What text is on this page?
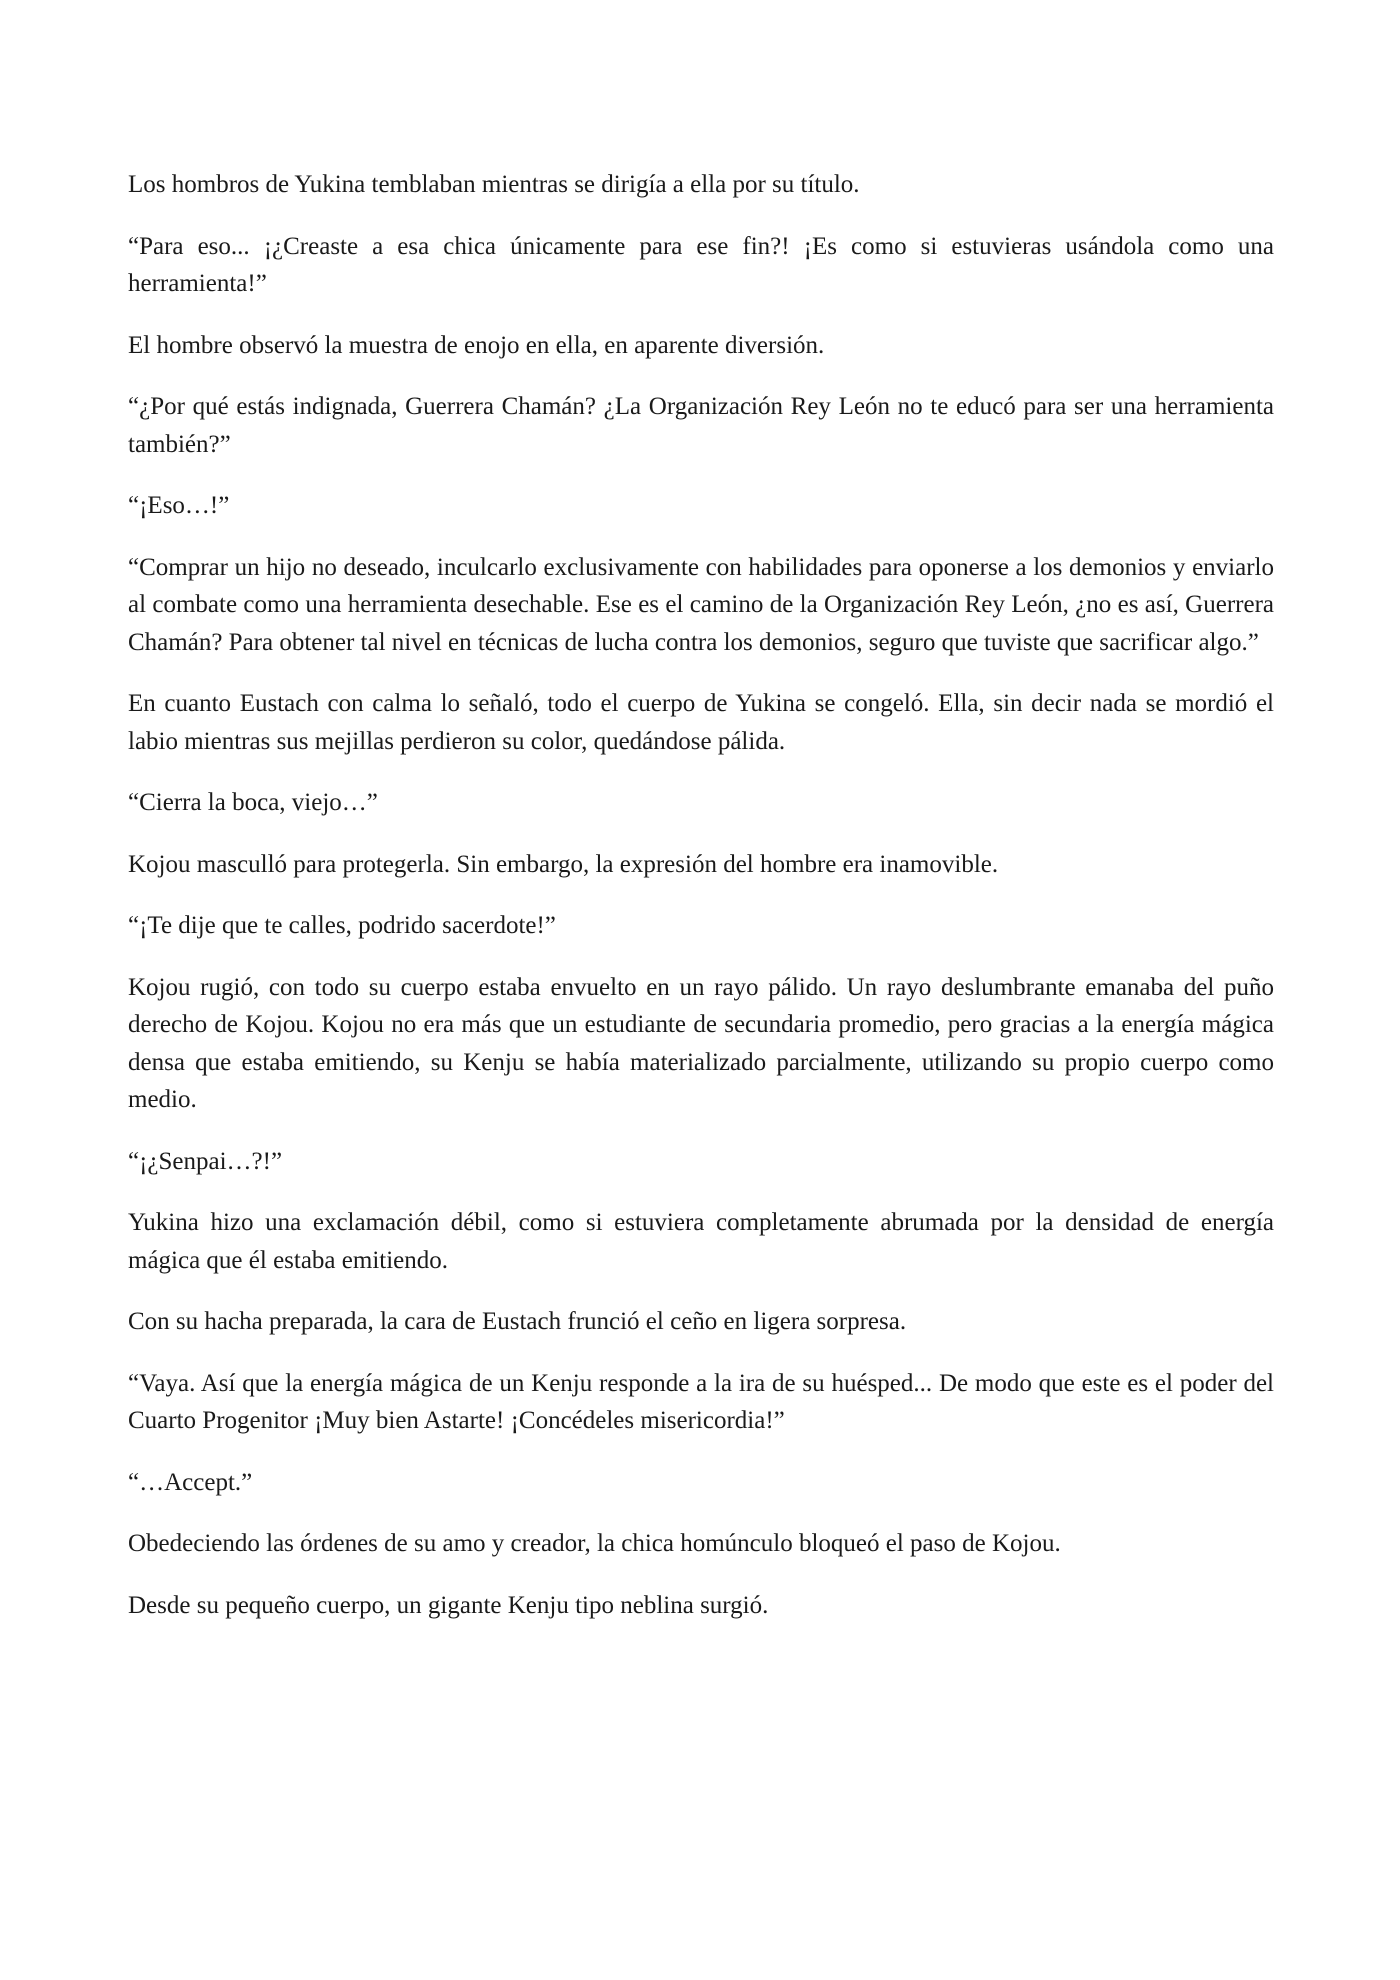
Los hombros de Yukina temblaban mientras se dirigía a ella por su título.

“Para eso... ¡¿Creaste a esa chica únicamente para ese fin?! ¡Es como si estuvieras usándola como una herramienta!”

El hombre observó la muestra de enojo en ella, en aparente diversión.

“¿Por qué estás indignada, Guerrera Chamán? ¿La Organización Rey León no te educó para ser una herramienta también?”

“¡Eso…!”

“Comprar un hijo no deseado, inculcarlo exclusivamente con habilidades para oponerse a los demonios y enviarlo al combate como una herramienta desechable. Ese es el camino de la Organización Rey León, ¿no es así, Guerrera Chamán? Para obtener tal nivel en técnicas de lucha contra los demonios, seguro que tuviste que sacrificar algo.”

En cuanto Eustach con calma lo señaló, todo el cuerpo de Yukina se congeló. Ella, sin decir nada se mordió el labio mientras sus mejillas perdieron su color, quedándose pálida.

“Cierra la boca, viejo…”

Kojou masculló para protegerla. Sin embargo, la expresión del hombre era inamovible.

“¡Te dije que te calles, podrido sacerdote!”

Kojou rugió, con todo su cuerpo estaba envuelto en un rayo pálido. Un rayo deslumbrante emanaba del puño derecho de Kojou. Kojou no era más que un estudiante de secundaria promedio, pero gracias a la energía mágica densa que estaba emitiendo, su Kenju se había materializado parcialmente, utilizando su propio cuerpo como medio.

“¡¿Senpai…?!”

Yukina hizo una exclamación débil, como si estuviera completamente abrumada por la densidad de energía mágica que él estaba emitiendo.

Con su hacha preparada, la cara de Eustach frunció el ceño en ligera sorpresa.

“Vaya. Así que la energía mágica de un Kenju responde a la ira de su huésped... De modo que este es el poder del Cuarto Progenitor ¡Muy bien Astarte! ¡Concédeles misericordia!”

“…Accept.”

Obedeciendo las órdenes de su amo y creador, la chica homúnculo bloqueó el paso de Kojou.

Desde su pequeño cuerpo, un gigante Kenju tipo neblina surgió.
